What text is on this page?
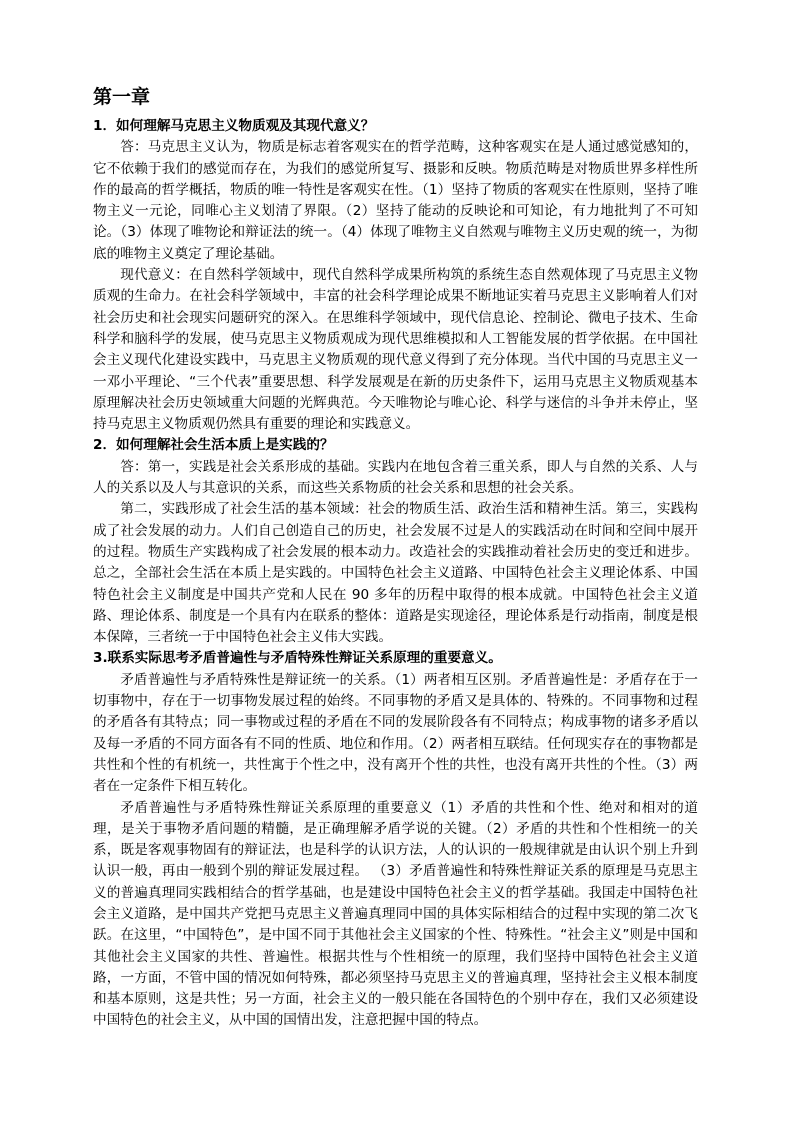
第一章
1．如何理解马克思主义物质观及其现代意义？
答：马克思主义认为，物质是标志着客观实在的哲学范畴，这种客观实在是人通过感觉感知的，它不依赖于我们的感觉而存在，为我们的感觉所复写、摄影和反映。物质范畴是对物质世界多样性所作的最高的哲学概括，物质的唯一特性是客观实在性。（1）坚持了物质的客观实在性原则，坚持了唯物主义一元论，同唯心主义划清了界限。（2）坚持了能动的反映论和可知论，有力地批判了不可知论。（3）体现了唯物论和辩证法的统一。（4）体现了唯物主义自然观与唯物主义历史观的统一，为彻底的唯物主义奠定了理论基础。
现代意义：在自然科学领域中，现代自然科学成果所构筑的系统生态自然观体现了马克思主义物质观的生命力。在社会科学领域中，丰富的社会科学理论成果不断地证实着马克思主义影响着人们对社会历史和社会现实问题研究的深入。在思维科学领域中，现代信息论、控制论、微电子技术、生命科学和脑科学的发展，使马克思主义物质观成为现代思维模拟和人工智能发展的哲学依据。在中国社会主义现代化建设实践中，马克思主义物质观的现代意义得到了充分体现。当代中国的马克思主义一一邓小平理论、“三个代表”重要思想、科学发展观是在新的历史条件下，运用马克思主义物质观基本原理解决社会历史领域重大问题的光辉典范。今天唯物论与唯心论、科学与迷信的斗争并未停止，坚持马克思主义物质观仍然具有重要的理论和实践意义。
2．如何理解社会生活本质上是实践的？
答：第一，实践是社会关系形成的基础。实践内在地包含着三重关系，即人与自然的关系、人与人的关系以及人与其意识的关系，而这些关系物质的社会关系和思想的社会关系。
第二，实践形成了社会生活的基本领域：社会的物质生活、政治生活和精神生活。第三，实践构成了社会发展的动力。人们自己创造自己的历史，社会发展不过是人的实践活动在时间和空间中展开的过程。物质生产实践构成了社会发展的根本动力。改造社会的实践推动着社会历史的变迁和进步。总之，全部社会生活在本质上是实践的。中国特色社会主义道路、中国特色社会主义理论体系、中国特色社会主义制度是中国共产党和人民在 90 多年的历程中取得的根本成就。中国特色社会主义道路、理论体系、制度是一个具有内在联系的整体：道路是实现途径，理论体系是行动指南，制度是根本保障，三者统一于中国特色社会主义伟大实践。
3.联系实际思考矛盾普遍性与矛盾特殊性辩证关系原理的重要意义。
矛盾普遍性与矛盾特殊性是辩证统一的关系。（1）两者相互区别。矛盾普遍性是：矛盾存在于一切事物中，存在于一切事物发展过程的始终。不同事物的矛盾又是具体的、特殊的。不同事物和过程的矛盾各有其特点；同一事物或过程的矛盾在不同的发展阶段各有不同特点；构成事物的诸多矛盾以及每一矛盾的不同方面各有不同的性质、地位和作用。（2）两者相互联结。任何现实存在的事物都是共性和个性的有机统一，共性寓于个性之中，没有离开个性的共性，也没有离开共性的个性。（3）两者在一定条件下相互转化。
矛盾普遍性与矛盾特殊性辩证关系原理的重要意义（1）矛盾的共性和个性、绝对和相对的道理，是关于事物矛盾问题的精髓，是正确理解矛盾学说的关键。（2）矛盾的共性和个性相统一的关系，既是客观事物固有的辩证法，也是科学的认识方法，人的认识的一般规律就是由认识个别上升到认识一般，再由一般到个别的辩证发展过程。 （3）矛盾普遍性和特殊性辩证关系的原理是马克思主义的普遍真理同实践相结合的哲学基础，也是建设中国特色社会主义的哲学基础。我国走中国特色社会主义道路，是中国共产党把马克思主义普遍真理同中国的具体实际相结合的过程中实现的第二次飞跃。在这里，“中国特色”，是中国不同于其他社会主义国家的个性、特殊性。“社会主义”则是中国和其他社会主义国家的共性、普遍性。根据共性与个性相统一的原理，我们坚持中国特色社会主义道路，一方面，不管中国的情况如何特殊，都必须坚持马克思主义的普遍真理，坚持社会主义根本制度和基本原则，这是共性；另一方面，社会主义的一般只能在各国特色的个别中存在，我们又必须建设中国特色的社会主义，从中国的国情出发，注意把握中国的特点。
